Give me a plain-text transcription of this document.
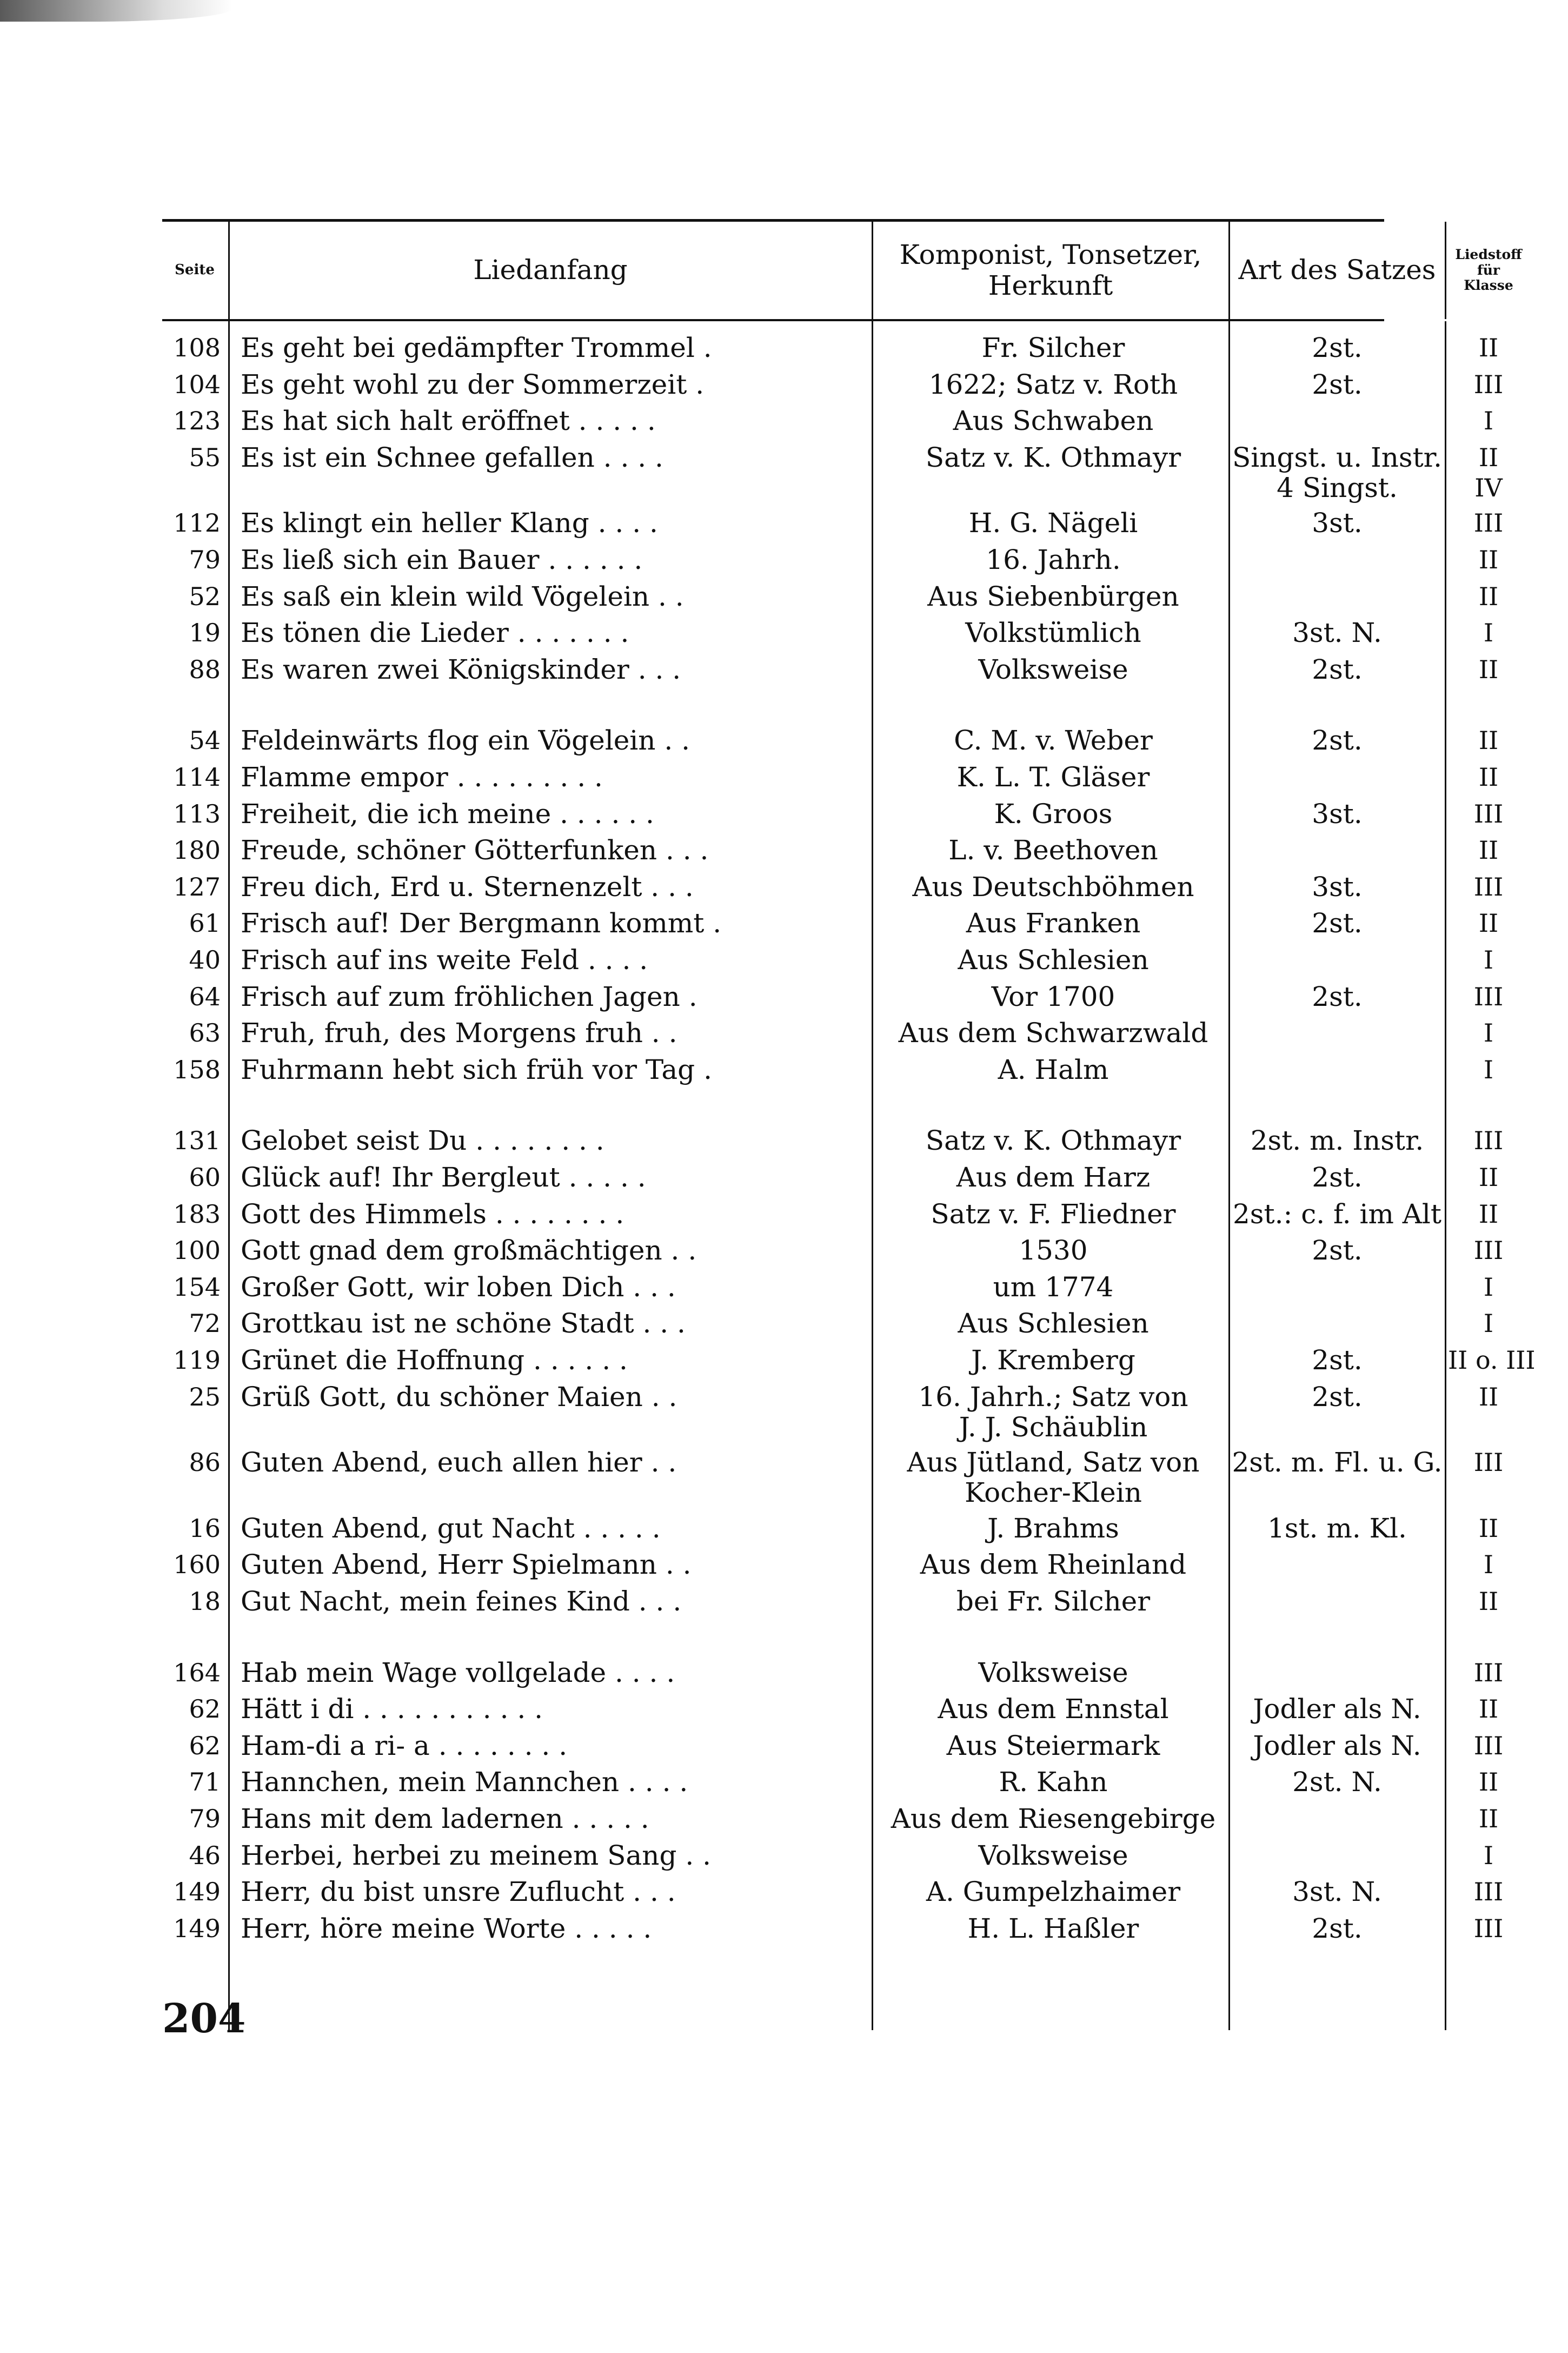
Seite	Liedanfang	Komponist, Tonsetzer,
Herkunft	Art des Satzes	Liedstoff
für
Klasse
108 Es geht bei gedämpfter Trommel .	Fr. Silcher	2st.	II
104 Es geht wohl zu der Sommerzeit .	1622; Satz v. Roth	2st.	III
123 Es hat sich halt eröffnet . . . . .	Aus Schwaben	I
55 Es ist ein Schnee gefallen . . . .	Satz v. K. Othmayr	Singst. u. Instr.	II
4 Singst.	IV
112 Es klingt ein heller Klang . . . .	H. G. Nägeli	3st.	III
79 Es ließ sich ein Bauer . . . . . .	16. Jahrh.	II
52 Es saß ein klein wild Vögelein . .	Aus Siebenbürgen	II
19 Es tönen die Lieder . . . . . . .	Volkstümlich	3st. N.	I
88 Es waren zwei Königskinder . . .	Volksweise	2st.	II
54 Feldeinwärts flog ein Vögelein . .	C. M. v. Weber	2st.	II
114 Flamme empor . . . . . . . . .	K. L. T. Gläser	II
113 Freiheit, die ich meine . . . . . .	K. Groos	3st.	III
180 Freude, schöner Götterfunken . . .	L. v. Beethoven	II
127 Freu dich, Erd u. Sternenzelt . . .	Aus Deutschböhmen	3st.	III
61 Frisch auf! Der Bergmann kommt .	Aus Franken	2st.	II
40 Frisch auf ins weite Feld . . . .	Aus Schlesien	I
64 Frisch auf zum fröhlichen Jagen .	Vor 1700	2st.	III
63 Fruh, fruh, des Morgens fruh . .	Aus dem Schwarzwald	I
158 Fuhrmann hebt sich früh vor Tag .	A. Halm	I
131 Gelobet seist Du . . . . . . . .	Satz v. K. Othmayr	2st. m. Instr.	III
60 Glück auf! Ihr Bergleut . . . . .	Aus dem Harz	2st.	II
183 Gott des Himmels . . . . . . . .	Satz v. F. Fliedner	2st.: c. f. im Alt	II
100 Gott gnad dem großmächtigen . .	1530	2st.	III
154 Großer Gott, wir loben Dich . . .	um 1774	I
72 Grottkau ist ne schöne Stadt . . .	Aus Schlesien	I
119 Grünet die Hoffnung . . . . . .	J. Kremberg	2st.	II o. III
25 Grüß Gott, du schöner Maien . .	16. Jahrh.; Satz von	2st.	II
J. J. Schäublin
86 Guten Abend, euch allen hier . .	Aus Jütland, Satz von	2st. m. Fl. u. G.	III
Kocher-Klein
16 Guten Abend, gut Nacht . . . . .	J. Brahms	1st. m. Kl.	II
160 Guten Abend, Herr Spielmann . .	Aus dem Rheinland	I
18 Gut Nacht, mein feines Kind . . .	bei Fr. Silcher	II
164 Hab mein Wage vollgelade . . . .	Volksweise	III
62 Hätt i di . . . . . . . . . . .	Aus dem Ennstal	Jodler als N.	II
62 Ham-di a ri- a . . . . . . . .	Aus Steiermark	Jodler als N.	III
71 Hannchen, mein Mannchen . . . .	R. Kahn	2st. N.	II
79 Hans mit dem ladernen . . . . .	Aus dem Riesengebirge	II
46 Herbei, herbei zu meinem Sang . .	Volksweise	I
149 Herr, du bist unsre Zuflucht . . .	A. Gumpelzhaimer	3st. N.	III
149 Herr, höre meine Worte . . . . .	H. L. Haßler	2st.	III
204
